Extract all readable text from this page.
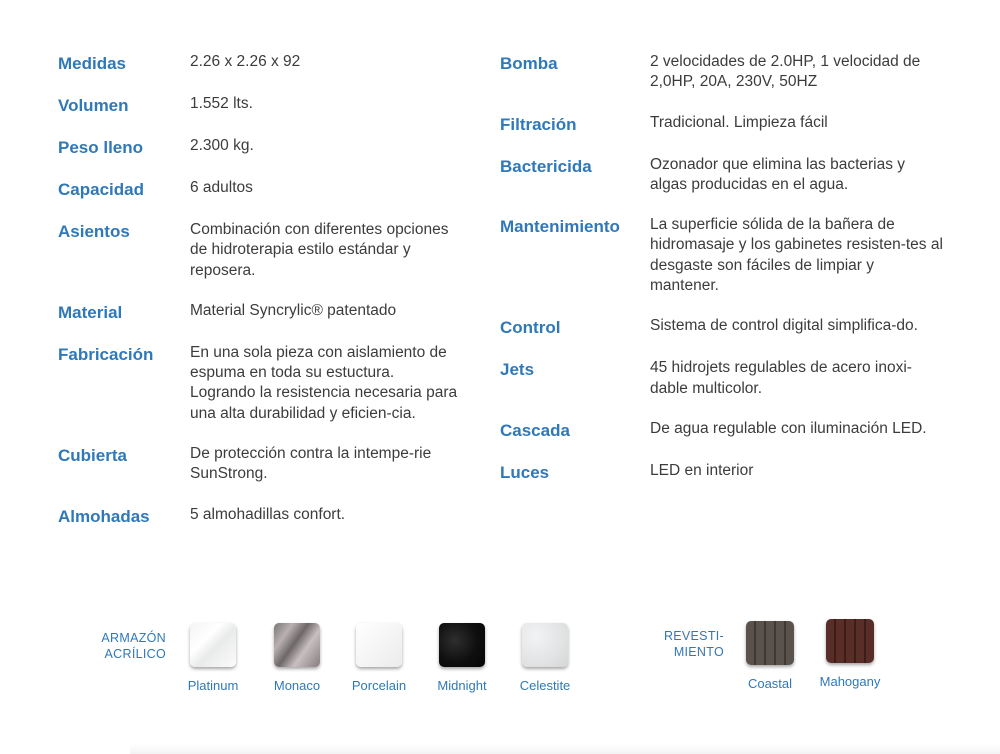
Medidas	2.26 x 2.26 x 92
Volumen	1.552 lts.
Peso lleno	2.300 kg.
Capacidad	6 adultos
Asientos	Combinación con diferentes opciones de hidroterapia estilo estándar y reposera.
Material	Material Syncrylic® patentado
Fabricación	En una sola pieza con aislamiento de espuma en toda su estuctura. Logrando la resistencia necesaria para una alta durabilidad y eficien-cia.
Cubierta	De protección contra la intempe-rie SunStrong.
Almohadas	5 almohadillas confort.
Bomba	2 velocidades de 2.0HP, 1 velocidad de 2,0HP, 20A, 230V, 50HZ
Filtración	Tradicional. Limpieza fácil
Bactericida	Ozonador que elimina las bacterias y algas producidas en el agua.
Mantenimiento	La superficie sólida de la bañera de hidromasaje y los gabinetes resisten-tes al desgaste son fáciles de limpiar y mantener.
Control	Sistema de control digital simplifica-do.
Jets	45 hidrojets regulables de acero inoxi-dable multicolor.
Cascada	De agua regulable con iluminación LED.
Luces	LED en interior
ARMAZÓN
ACRÍLICO
Platinum	Monaco	Porcelain	Midnight	Celestite
REVESTI-
MIENTO
Coastal	Mahogany
